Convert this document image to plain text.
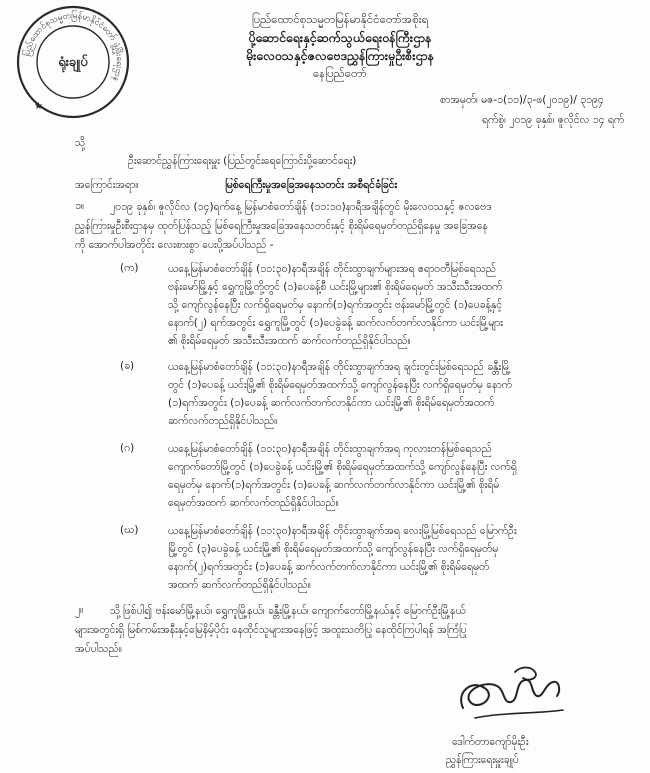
ပြည်ထောင်စုသမ္မတမြန်မာနိုင်ငံတော် ဖွံ့ဖြိုးရေးဌာန
ရုံးချုပ်
★
ပြည်ထောင်စုသမ္မတမြန်မာနိုင်ငံတော်အစိုးရ
ပို့ဆောင်ရေးနှင့်ဆက်သွယ်ရေးဝန်ကြီးဌာန
မိုးလေဝသနှင့်ဇလဗေဒညွှန်ကြားမှုဦးစီးဌာန
နေပြည်တော်
စာအမှတ်၊ မဇ-၁(၁၁)/၃-ဖ(၂၀၁၉)/ ၃၁၉၄
ရက်စွဲ၊ ၂၀၁၉ ခုနှစ်၊ ဇူလိုင်လ ၁၄ ရက်
သို့
ဦးဆောင်ညွှန်ကြားရေးမှူး (ပြည်တွင်းရေကြောင်းပို့ဆောင်ရေး)
အကြောင်းအရာ။	မြစ်ရေကြီးမှုအခြေအနေသတင်း အစီရင်ခံခြင်း
၁။ ၂၀၁၉ ခုနှစ်၊ ဇူလိုင်လ (၁၄)ရက်နေ့ မြန်မာစံတော်ချိန် (၁၁:၁၀)နာရီအချိန်တွင် မိုးလေဝသနှင့် ဇလဗေဒ
ညွှန်ကြားမှုဦးစီးဌာနမှ ထုတ်ပြန်သည့် မြစ်ရေကြီးမှုအခြေအနေသတင်းနှင့် စိုးရိမ်ရေမှတ်တည်ရှိနေမှု အခြေအနေ
ကို အောက်ပါအတိုင်း လေးစားစွာ ပေးပို့အပ်ပါသည် -
(က)	ယနေ့မြန်မာစံတော်ချိန် (၁၁:၃၀)နာရီအချိန် တိုင်းထွာချက်များအရ ဧရာဝတီမြစ်ရေသည်
ဗန်းမော်မြို့နှင့် ရွှေကူမြို့တို့တွင် (၁)ပေခန့်စီ ယင်းမြို့များ၏ စိုးရိမ်ရေမှတ် အသီးသီးအထက်
သို့ ကျော်လွန်နေပြီး လက်ရှိရေမှတ်မှ နောက်(၁)ရက်အတွင်း ဗန်းမော်မြို့တွင် (၁)ပေခန့်နှင့်
နောက်(၂) ရက်အတွင်း ရွှေကူမြို့တွင် (၁)ပေခွဲခန့် ဆက်လက်တက်လာနိုင်ကာ ယင်းမြို့များ
၏ စိုးရိမ်ရေမှတ် အသီးသီးအထက် ဆက်လက်တည်ရှိနိုင်ပါသည်။
(ခ)	ယနေ့မြန်မာစံတော်ချိန် (၁၁:၃၀)နာရီအချိန် တိုင်းထွာချက်အရ ချင်းတွင်းမြစ်ရေသည် ခန္တီးမြို့
တွင် (၁)ပေခန့် ယင်းမြို့၏ စိုးရိမ်ရေမှတ်အထက်သို့ ကျော်လွန်နေပြီး လက်ရှိရေမှတ်မှ နောက်
(၁)ရက်အတွင်း (၁)ပေခန့် ဆက်လက်တက်လာနိုင်ကာ ယင်းမြို့၏ စိုးရိမ်ရေမှတ်အထက်
ဆက်လက်တည်ရှိနိုင်ပါသည်။
(ဂ)	ယနေ့မြန်မာစံတော်ချိန် (၁၁:၃၀)နာရီအချိန် တိုင်းထွာချက်အရ ကုလားတန်မြစ်ရေသည်
ကျောက်တော်မြို့တွင် (၁)ပေခွဲခန့် ယင်းမြို့၏ စိုးရိမ်ရေမှတ်အထက်သို့ ကျော်လွန်နေပြီး လက်ရှိ
ရေမှတ်မှ နောက်(၁)ရက်အတွင်း (၁)ပေခန့် ဆက်လက်တက်လာနိုင်ကာ ယင်းမြို့၏ စိုးရိမ်
ရေမှတ်အထက် ဆက်လက်တည်ရှိနိုင်ပါသည်။
(ဃ)	ယနေ့မြန်မာစံတော်ချိန် (၁၁:၃၀)နာရီအချိန် တိုင်းထွာချက်အရ လေးမြို့မြစ်ရေသည် မြောက်ဦး
မြို့တွင် (၃)ပေခွဲခန့် ယင်းမြို့၏ စိုးရိမ်ရေမှတ်အထက်သို့ ကျော်လွန်နေပြီး လက်ရှိရေမှတ်မှ
နောက်(၂)ရက်အတွင်း (၁)ပေခန့် ဆက်လက်တက်လာနိုင်ကာ ယင်းမြို့၏ စိုးရိမ်ရေမှတ်
အထက် ဆက်လက်တည်ရှိနိုင်ပါသည်။
၂။	သို့ဖြစ်ပါ၍ ဗန်းမော်မြို့နယ်၊ ရွှေကူမြို့နယ်၊ ခန္တီးမြို့နယ်၊ ကျောက်တော်မြို့နယ်နှင့် မြောက်ဦးမြို့နယ်
များအတွင်းရှိ မြစ်ကမ်းအနီးနှင့်မြေနိမ့်ပိုင်း နေထိုင်သူများအနေဖြင့် အထူးသတိပြု နေထိုင်ကြပါရန် အကြံပြု
အပ်ပါသည်။
ဒေါက်တာကျော်မိုးဦး
ညွှန်ကြားရေးမှူးချုပ်
